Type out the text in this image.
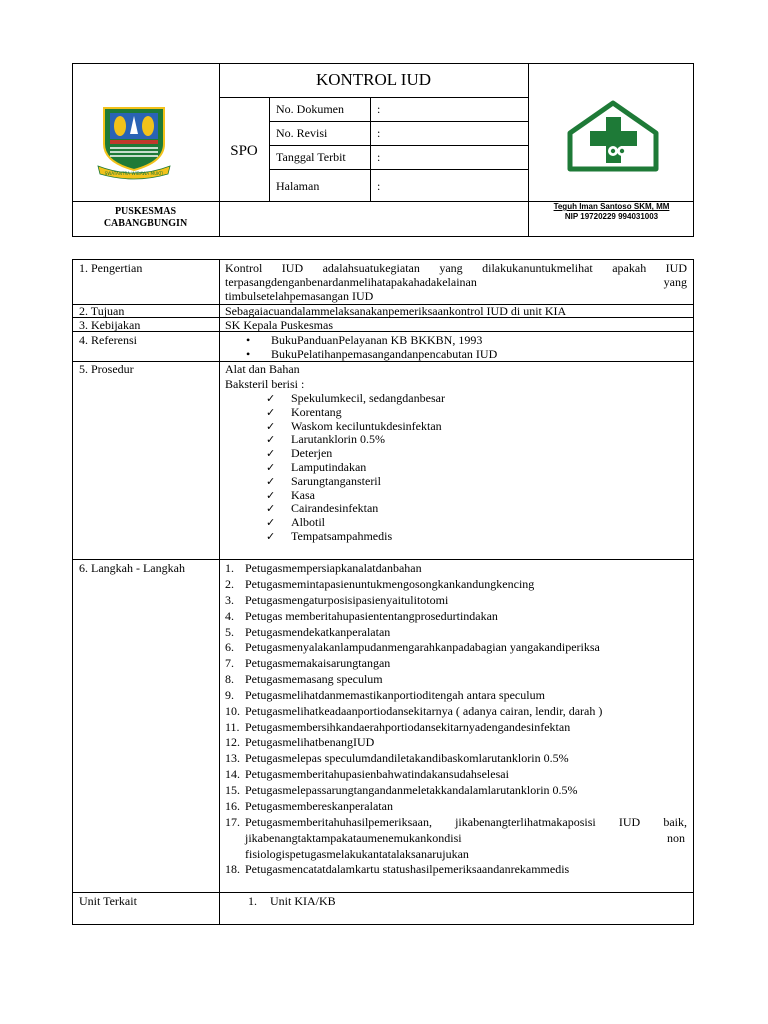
KONTROL IUD
SPO
No. Dokumen	:
No. Revisi	:
Tanggal Terbit	:
Halaman	:
SWATANTRA WIBAWA MUKTI
PUSKESMAS
CABANGBUNGIN
Teguh Iman Santoso SKM, MM
NIP 19720229 994031003
1. Pengertian	Kontrol IUD adalahsuatukegiatan yang dilakukanuntukmelihat apakah IUD
terpasangdenganbenardanmelihatapakahadakelainan yang
timbulsetelahpemasangan IUD
2. Tujuan	Sebagaiacuandalammelaksanakanpemeriksaankontrol IUD di unit KIA
3. Kebijakan	SK Kepala Puskesmas
4. Referensi	• BukuPanduanPelayanan KB BKKBN, 1993
• BukuPelatihanpemasangandanpencabutan IUD
5. Prosedur	Alat dan Bahan
Baksteril berisi :
✓ Spekulumkecil, sedangdanbesar
✓ Korentang
✓ Waskom keciluntukdesinfektan
✓ Larutanklorin 0.5%
✓ Deterjen
✓ Lamputindakan
✓ Sarungtangansteril
✓ Kasa
✓ Cairandesinfektan
✓ Albotil
✓ Tempatsampahmedis
6. Langkah - Langkah	1. Petugasmempersiapkanalatdanbahan
2. Petugasmemintapasienuntukmengosongkankandungkencing
3. Petugasmengaturposisipasienyaitulitotomi
4. Petugas memberitahupasiententangprosedurtindakan
5. Petugasmendekatkanperalatan
6. Petugasmenyalakanlampudanmengarahkanpadabagian yangakandiperiksa
7. Petugasmemakaisarungtangan
8. Petugasmemasang speculum
9. Petugasmelihatdanmemastikanportioditengah antara speculum
10. Petugasmelihatkeadaanportiodansekitarnya ( adanya cairan, lendir, darah )
11. Petugasmembersihkandaerahportiodansekitarnyadengandesinfektan
12. PetugasmelihatbenangIUD
13. Petugasmelepas speculumdandiletakandibaskomlarutanklorin 0.5%
14. Petugasmemberitahupasienbahwatindakansudahselesai
15. Petugasmelepassarungtangandanmeletakkandalamlarutanklorin 0.5%
16. Petugasmembereskanperalatan
17. Petugasmemberitahuhasilpemeriksaan, jikabenangterlihatmakaposisi IUD baik,
jikabenangtaktampakataumenemukankondisi	non
fisiologispetugasmelakukantatalaksanarujukan
18. Petugasmencatatdalamkartu statushasilpemeriksaandanrekammedis
Unit Terkait	1. Unit KIA/KB
